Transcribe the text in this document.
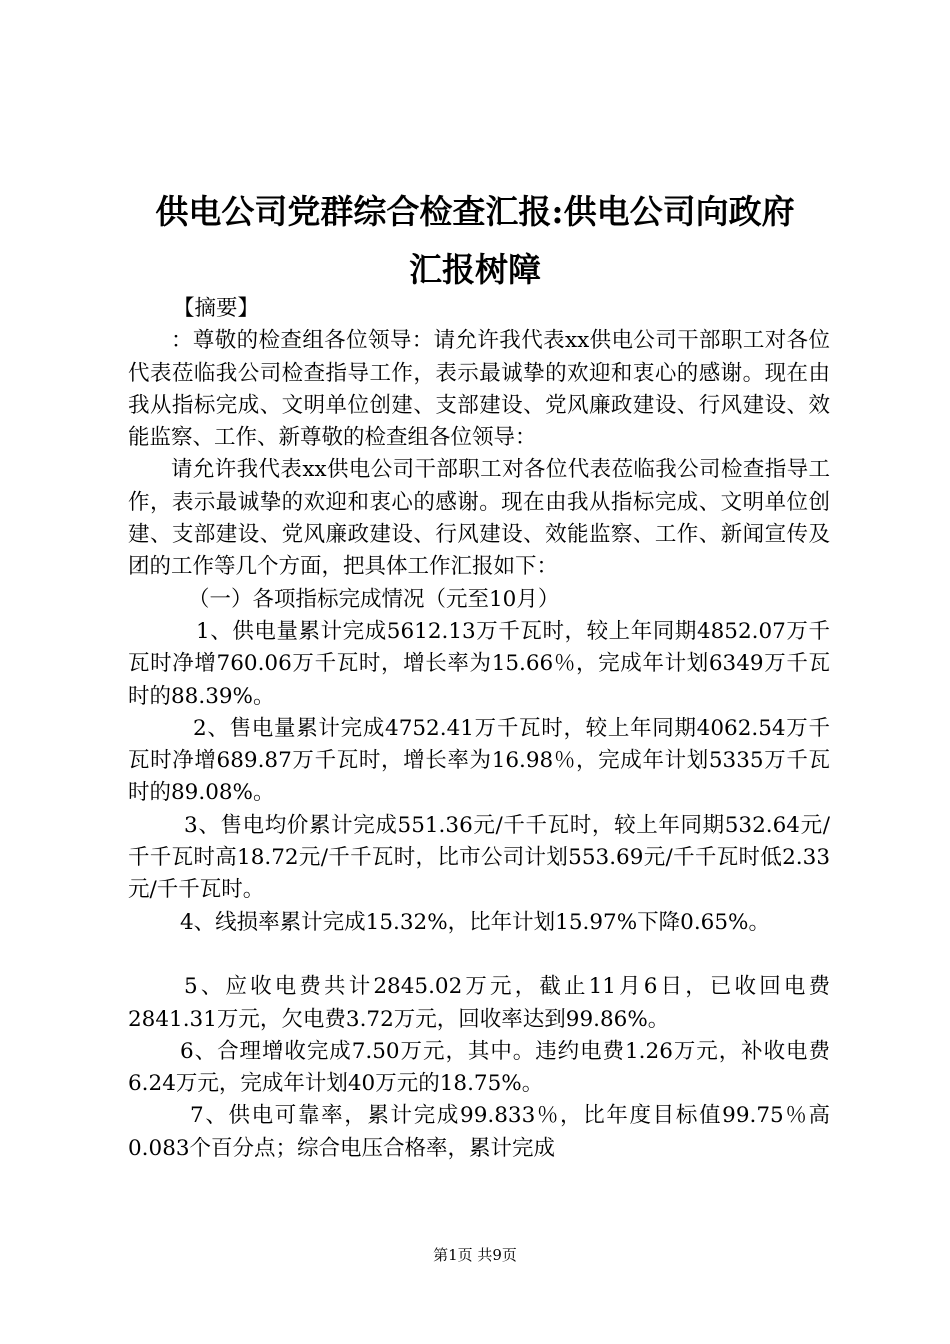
供电公司党群综合检查汇报:供电公司向政府
汇报树障

【摘要】

：尊敬的检查组各位领导：请允许我代表xx供电公司干部职工对各位代表莅临我公司检查指导工作，表示最诚挚的欢迎和衷心的感谢。现在由我从指标完成、文明单位创建、支部建设、党风廉政建设、行风建设、效能监察、工作、新尊敬的检查组各位领导：

请允许我代表xx供电公司干部职工对各位代表莅临我公司检查指导工作，表示最诚挚的欢迎和衷心的感谢。现在由我从指标完成、文明单位创建、支部建设、党风廉政建设、行风建设、效能监察、工作、新闻宣传及团的工作等几个方面，把具体工作汇报如下：

（一）各项指标完成情况（元至10月）

1、供电量累计完成5612.13万千瓦时，较上年同期4852.07万千瓦时净增760.06万千瓦时，增长率为15.66％，完成年计划6349万千瓦时的88.39%。

2、售电量累计完成4752.41万千瓦时，较上年同期4062.54万千瓦时净增689.87万千瓦时，增长率为16.98％，完成年计划5335万千瓦时的89.08%。

3、售电均价累计完成551.36元/千千瓦时，较上年同期532.64元/千千瓦时高18.72元/千千瓦时，比市公司计划553.69元/千千瓦时低2.33元/千千瓦时。

4、线损率累计完成15.32%，比年计划15.97%下降0.65%。

5、应收电费共计2845.02万元，截止11月6日，已收回电费2841.31万元，欠电费3.72万元，回收率达到99.86%。

6、合理增收完成7.50万元，其中。违约电费1.26万元，补收电费6.24万元，完成年计划40万元的18.75%。

7、供电可靠率，累计完成99.833％，比年度目标值99.75％高0.083个百分点；综合电压合格率，累计完成

第1页 共9页
